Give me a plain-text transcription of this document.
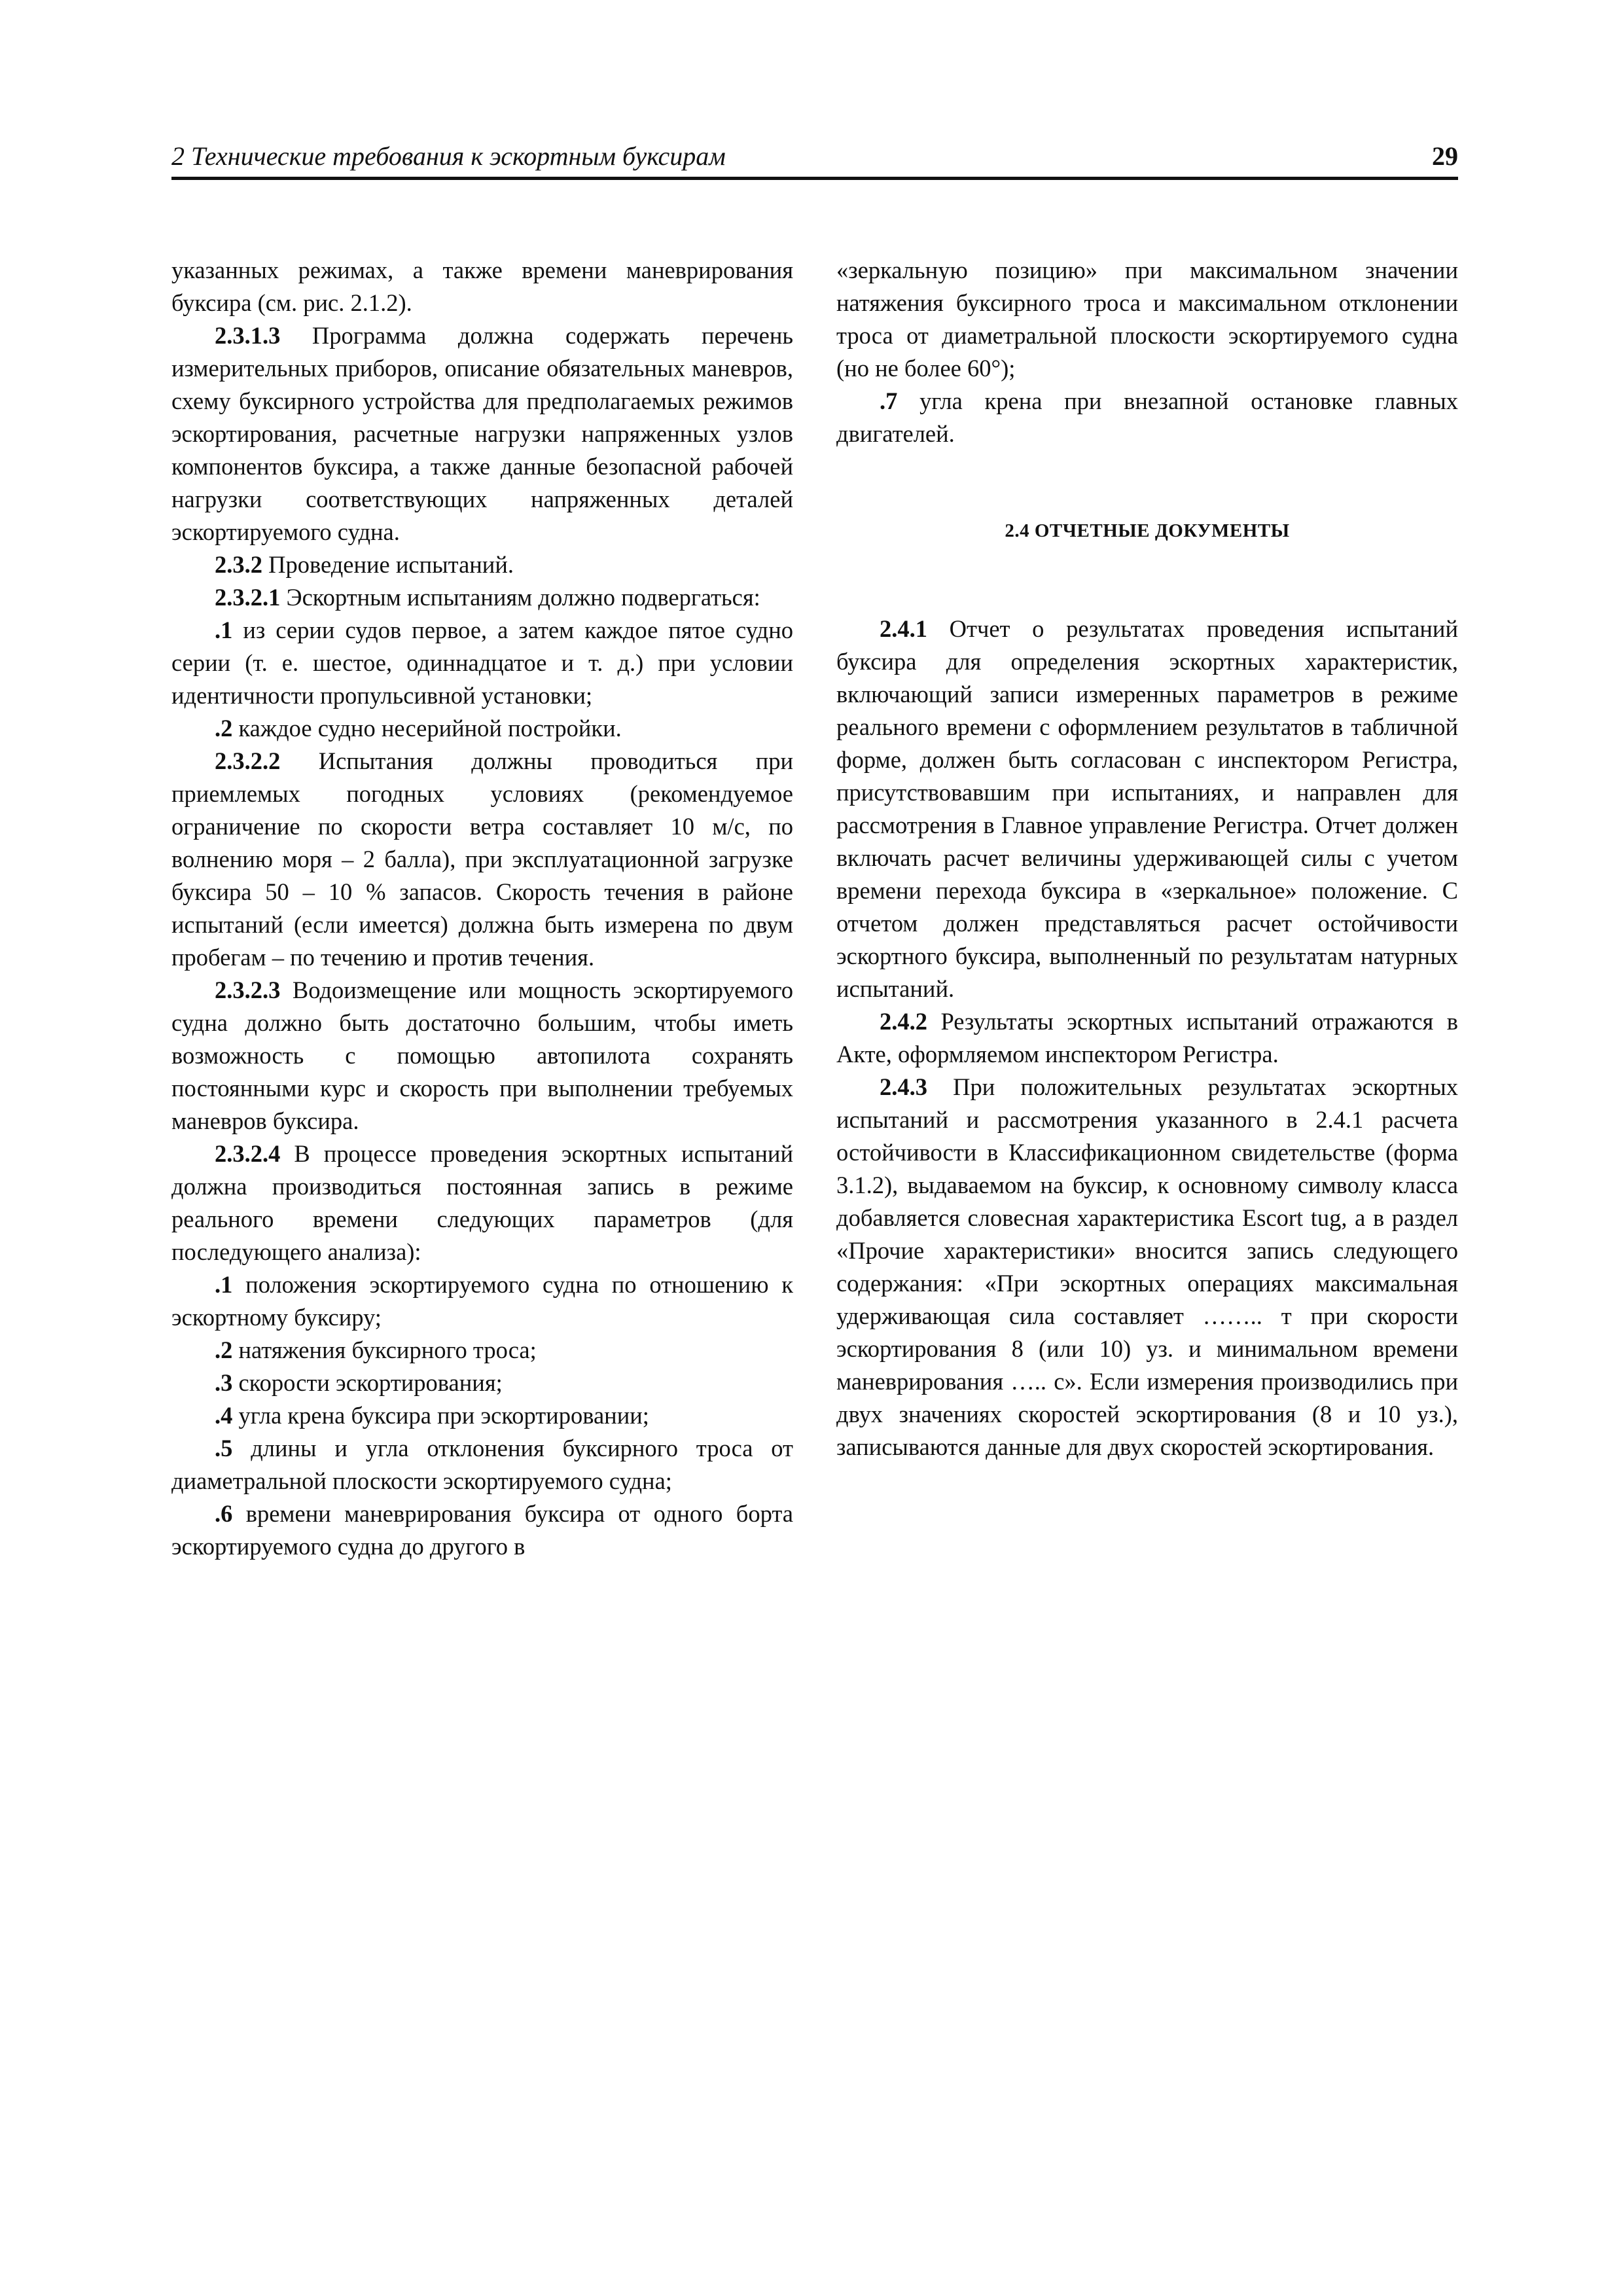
2 Технические требования к эскортным буксирам	29

указанных режимах, а также времени маневрирования буксира (см. рис. 2.1.2).

2.3.1.3 Программа должна содержать перечень измерительных приборов, описание обязательных маневров, схему буксирного устройства для предполагаемых режимов эскортирования, расчетные нагрузки напряженных узлов компонентов буксира, а также данные безопасной рабочей нагрузки соответствующих напряженных деталей эскортируемого судна.

2.3.2 Проведение испытаний.

2.3.2.1 Эскортным испытаниям должно подвергаться:

.1 из серии судов первое, а затем каждое пятое судно серии (т. е. шестое, одиннадцатое и т. д.) при условии идентичности пропульсивной установки;

.2 каждое судно несерийной постройки.

2.3.2.2 Испытания должны проводиться при приемлемых погодных условиях (рекомендуемое ограничение по скорости ветра составляет 10 м/с, по волнению моря – 2 балла), при эксплуатационной загрузке буксира 50 – 10 % запасов. Скорость течения в районе испытаний (если имеется) должна быть измерена по двум пробегам – по течению и против течения.

2.3.2.3 Водоизмещение или мощность эскортируемого судна должно быть достаточно большим, чтобы иметь возможность с помощью автопилота сохранять постоянными курс и скорость при выполнении требуемых маневров буксира.

2.3.2.4 В процессе проведения эскортных испытаний должна производиться постоянная запись в режиме реального времени следующих параметров (для последующего анализа):

.1 положения эскортируемого судна по отношению к эскортному буксиру;

.2 натяжения буксирного троса;

.3 скорости эскортирования;

.4 угла крена буксира при эскортировании;

.5 длины и угла отклонения буксирного троса от диаметральной плоскости эскортируемого судна;

.6 времени маневрирования буксира от одного борта эскортируемого судна до другого в

«зеркальную позицию» при максимальном значении натяжения буксирного троса и максимальном отклонении троса от диаметральной плоскости эскортируемого судна (но не более 60°);

.7 угла крена при внезапной остановке главных двигателей.

2.4 ОТЧЕТНЫЕ ДОКУМЕНТЫ

2.4.1 Отчет о результатах проведения испытаний буксира для определения эскортных характеристик, включающий записи измеренных параметров в режиме реального времени с оформлением результатов в табличной форме, должен быть согласован с инспектором Регистра, присутствовавшим при испытаниях, и направлен для рассмотрения в Главное управление Регистра. Отчет должен включать расчет величины удерживающей силы с учетом времени перехода буксира в «зеркальное» положение. С отчетом должен представляться расчет остойчивости эскортного буксира, выполненный по результатам натурных испытаний.

2.4.2 Результаты эскортных испытаний отражаются в Акте, оформляемом инспектором Регистра.

2.4.3 При положительных результатах эскортных испытаний и рассмотрения указанного в 2.4.1 расчета остойчивости в Классификационном свидетельстве (форма 3.1.2), выдаваемом на буксир, к основному символу класса добавляется словесная характеристика Escort tug, а в раздел «Прочие характеристики» вносится запись следующего содержания: «При эскортных операциях максимальная удерживающая сила составляет …….. т при скорости эскортирования 8 (или 10) уз. и минимальном времени маневрирования ….. с». Если измерения производились при двух значениях скоростей эскортирования (8 и 10 уз.), записываются данные для двух скоростей эскортирования.
